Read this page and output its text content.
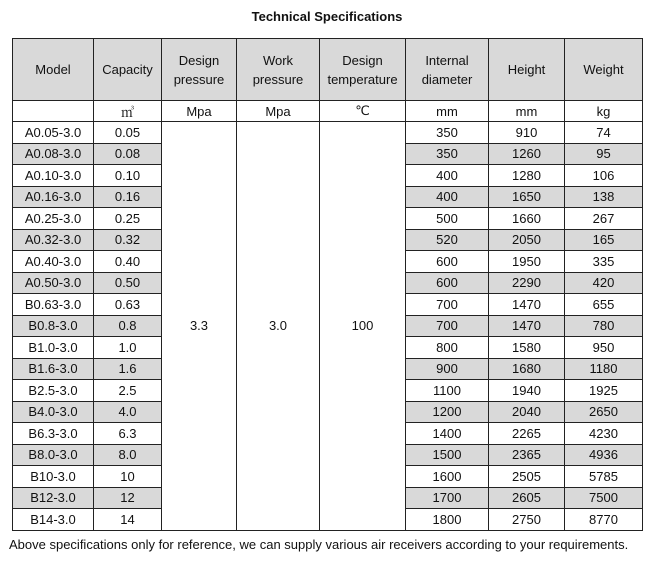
Technical Specifications
Model	Capacity	Design pressure	Work pressure	Design temperature	Internal diameter	Height	Weight
	㎥	Mpa	Mpa	℃	mm	mm	kg
A0.05-3.0	0.05	3.3	3.0	100	350	910	74
A0.08-3.0	0.08				350	1260	95
A0.10-3.0	0.10				400	1280	106
A0.16-3.0	0.16				400	1650	138
A0.25-3.0	0.25				500	1660	267
A0.32-3.0	0.32				520	2050	165
A0.40-3.0	0.40				600	1950	335
A0.50-3.0	0.50				600	2290	420
B0.63-3.0	0.63				700	1470	655
B0.8-3.0	0.8				700	1470	780
B1.0-3.0	1.0				800	1580	950
B1.6-3.0	1.6				900	1680	1180
B2.5-3.0	2.5				1100	1940	1925
B4.0-3.0	4.0				1200	2040	2650
B6.3-3.0	6.3				1400	2265	4230
B8.0-3.0	8.0				1500	2365	4936
B10-3.0	10				1600	2505	5785
B12-3.0	12				1700	2605	7500
B14-3.0	14				1800	2750	8770
Above specifications only for reference, we can supply various air receivers according to your requirements.
